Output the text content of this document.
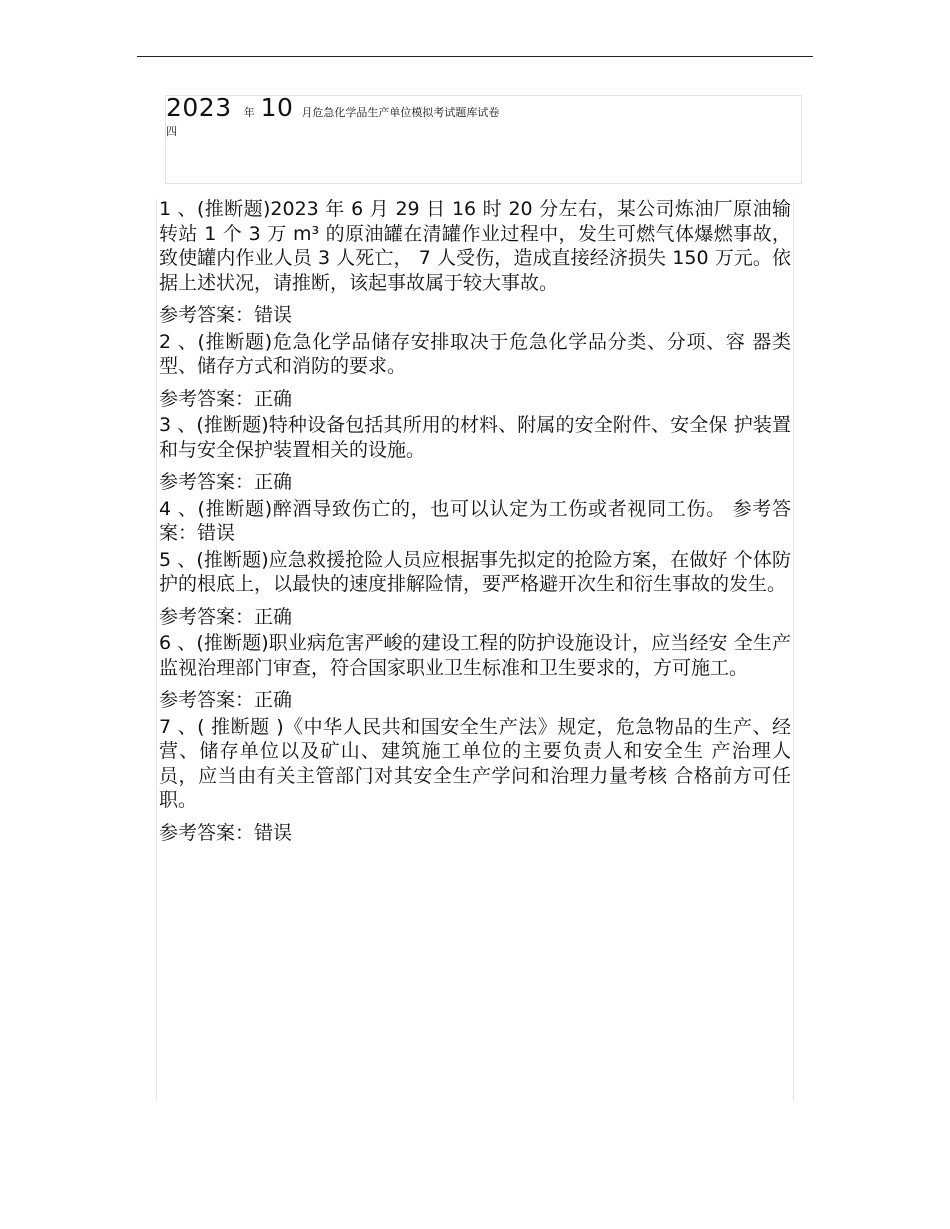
2023 年 10 月危急化学品生产单位模拟考试题库试卷
四

1 、(推断题)2023 年 6 月 29 日 16 时 20 分左右，某公司炼油厂原油输转站 1 个 3 万 m³ 的原油罐在清罐作业过程中，发生可燃气体爆燃事故，致使罐内作业人员 3 人死亡， 7 人受伤，造成直接经济损失 150 万元。依据上述状况，请推断，该起事故属于较大事故。

参考答案：错误

2 、(推断题)危急化学品储存安排取决于危急化学品分类、分项、容 器类型、储存方式和消防的要求。

参考答案：正确

3 、(推断题)特种设备包括其所用的材料、附属的安全附件、安全保 护装置和与安全保护装置相关的设施。

参考答案：正确

4 、(推断题)醉酒导致伤亡的，也可以认定为工伤或者视同工伤。 参考答案：错误

5 、(推断题)应急救援抢险人员应根据事先拟定的抢险方案，在做好 个体防护的根底上，以最快的速度排解险情，要严格避开次生和衍生事故的发生。

参考答案：正确

6 、(推断题)职业病危害严峻的建设工程的防护设施设计，应当经安 全生产监视治理部门审查，符合国家职业卫生标准和卫生要求的，方可施工。

参考答案：正确

7 、( 推断题 )《中华人民共和国安全生产法》规定，危急物品的生产、经营、储存单位以及矿山、建筑施工单位的主要负责人和安全生 产治理人员，应当由有关主管部门对其安全生产学问和治理力量考核 合格前方可任职。

参考答案：错误
